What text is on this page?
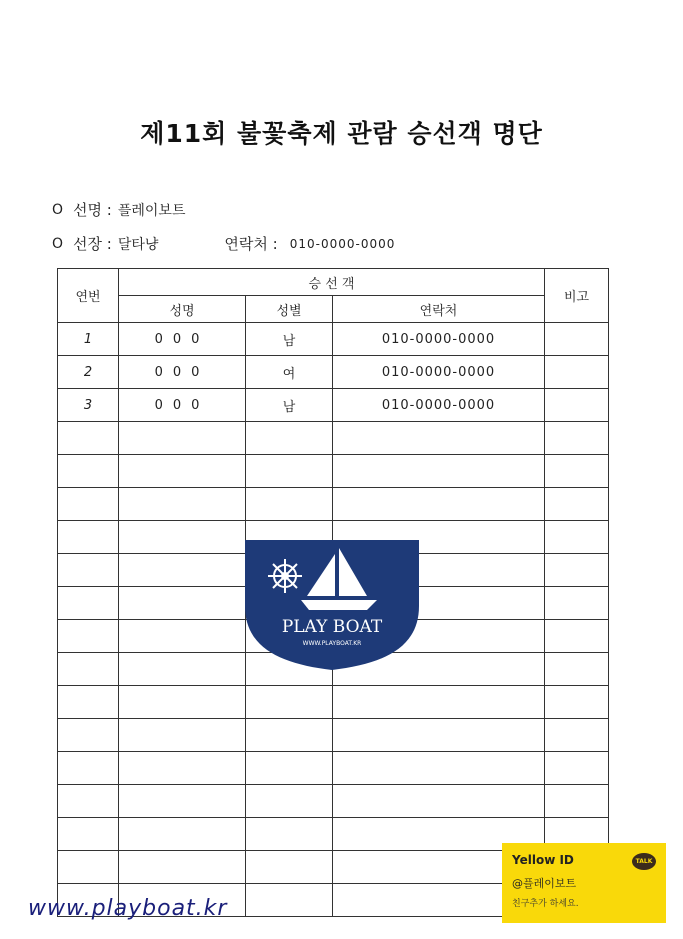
제11회 불꽃축제 관람 승선객 명단
O 선명 : 플레이보트
O 선장 : 달타냥	연락처 : 010-0000-0000
연번	승 선 객			비고
	성명	성별	연락처	
1	000	남	010-0000-0000	
2	000	여	010-0000-0000	
3	000	남	010-0000-0000	

PLAY BOAT
WWW.PLAYBOAT.KR
www.playboat.kr
Yellow ID	TALK
@플레이보트
친구추가 하세요.
